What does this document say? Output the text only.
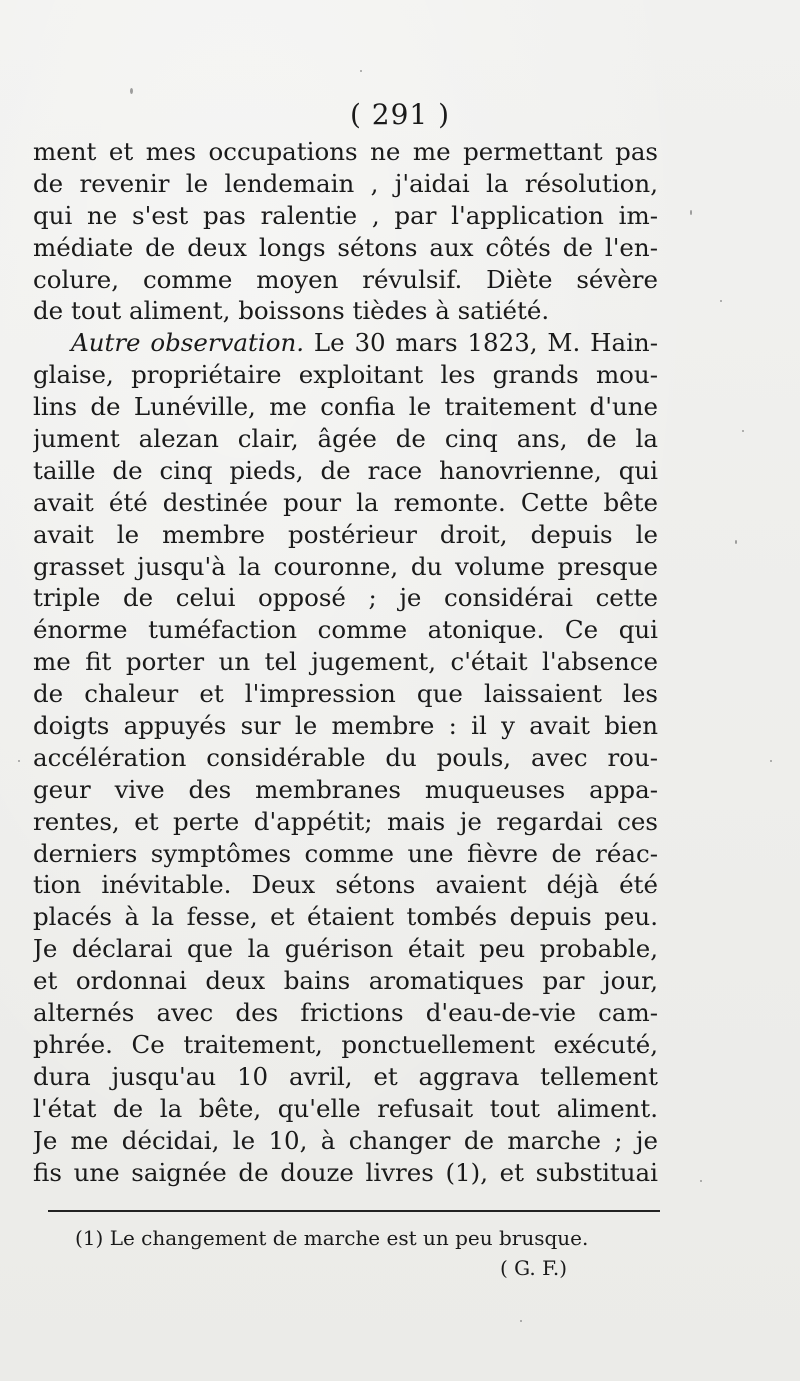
( 291 )
ment et mes occupations ne me permettant pas
de revenir le lendemain , j'aidai la résolution,
qui ne s'est pas ralentie , par l'application im-
médiate de deux longs sétons aux côtés de l'en-
colure, comme moyen révulsif. Diète sévère
de tout aliment, boissons tièdes à satiété.
Autre observation. Le 30 mars 1823, M. Hain-
glaise, propriétaire exploitant les grands mou-
lins de Lunéville, me confia le traitement d'une
jument alezan clair, âgée de cinq ans, de la
taille de cinq pieds, de race hanovrienne, qui
avait été destinée pour la remonte. Cette bête
avait le membre postérieur droit, depuis le
grasset jusqu'à la couronne, du volume presque
triple de celui opposé ; je considérai cette
énorme tuméfaction comme atonique. Ce qui
me fit porter un tel jugement, c'était l'absence
de chaleur et l'impression que laissaient les
doigts appuyés sur le membre : il y avait bien
accélération considérable du pouls, avec rou-
geur vive des membranes muqueuses appa-
rentes, et perte d'appétit; mais je regardai ces
derniers symptômes comme une fièvre de réac-
tion inévitable. Deux sétons avaient déjà été
placés à la fesse, et étaient tombés depuis peu.
Je déclarai que la guérison était peu probable,
et ordonnai deux bains aromatiques par jour,
alternés avec des frictions d'eau-de-vie cam-
phrée. Ce traitement, ponctuellement exécuté,
dura jusqu'au 10 avril, et aggrava tellement
l'état de la bête, qu'elle refusait tout aliment.
Je me décidai, le 10, à changer de marche ; je
fis une saignée de douze livres (1), et substituai
(1) Le changement de marche est un peu brusque.
( G. F.)
